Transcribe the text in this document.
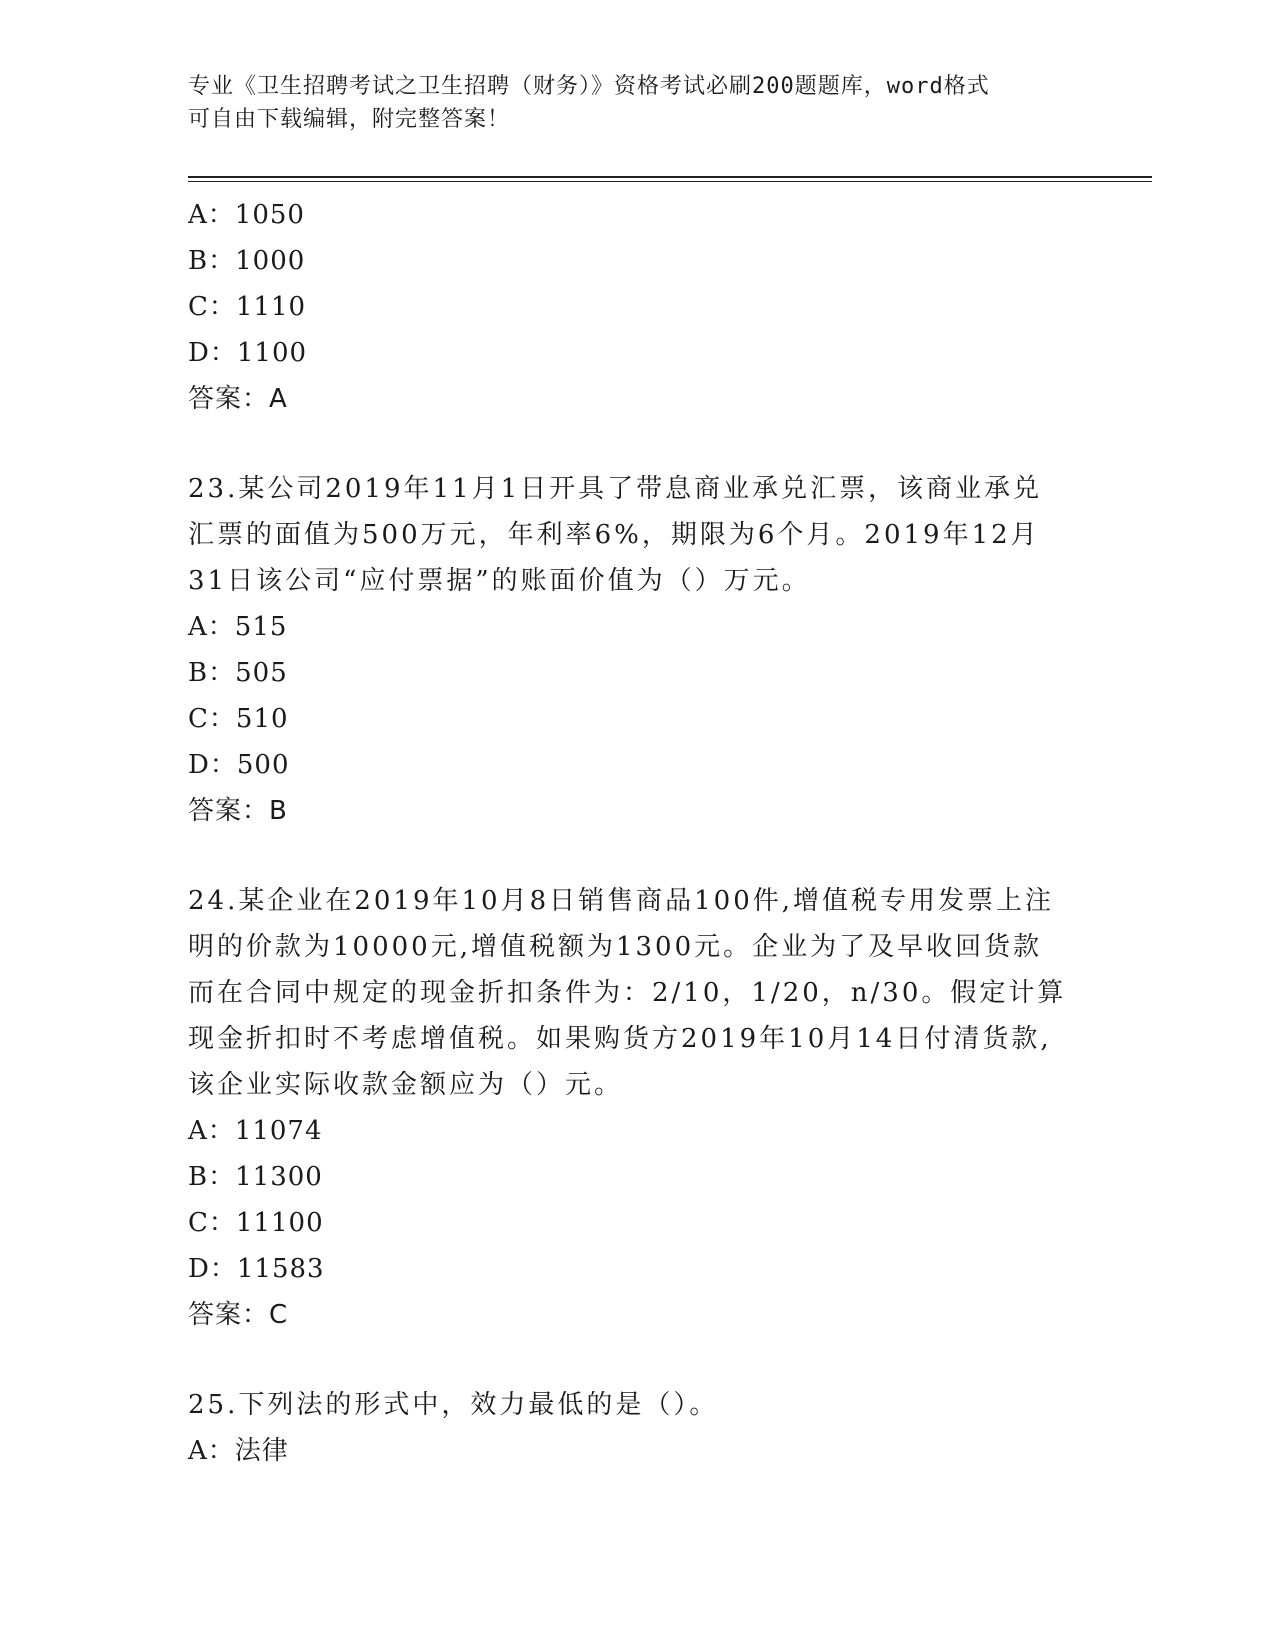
专业《卫生招聘考试之卫生招聘（财务）》资格考试必刷200题题库，word格式
可自由下载编辑，附完整答案！
A：1050
B：1000
C：1110
D：1100
答案：A
23.某公司2019年11月1日开具了带息商业承兑汇票，该商业承兑汇票的面值为500万元，年利率6%，期限为6个月。2019年12月31日该公司“应付票据”的账面价值为（）万元。
A：515
B：505
C：510
D：500
答案：B
24.某企业在2019年10月8日销售商品100件,增值税专用发票上注明的价款为10000元,增值税额为1300元。企业为了及早收回货款而在合同中规定的现金折扣条件为：2/10，1/20，n/30。假定计算现金折扣时不考虑增值税。如果购货方2019年10月14日付清货款,该企业实际收款金额应为（）元。
A：11074
B：11300
C：11100
D：11583
答案：C
25.下列法的形式中，效力最低的是（）。
A：法律
